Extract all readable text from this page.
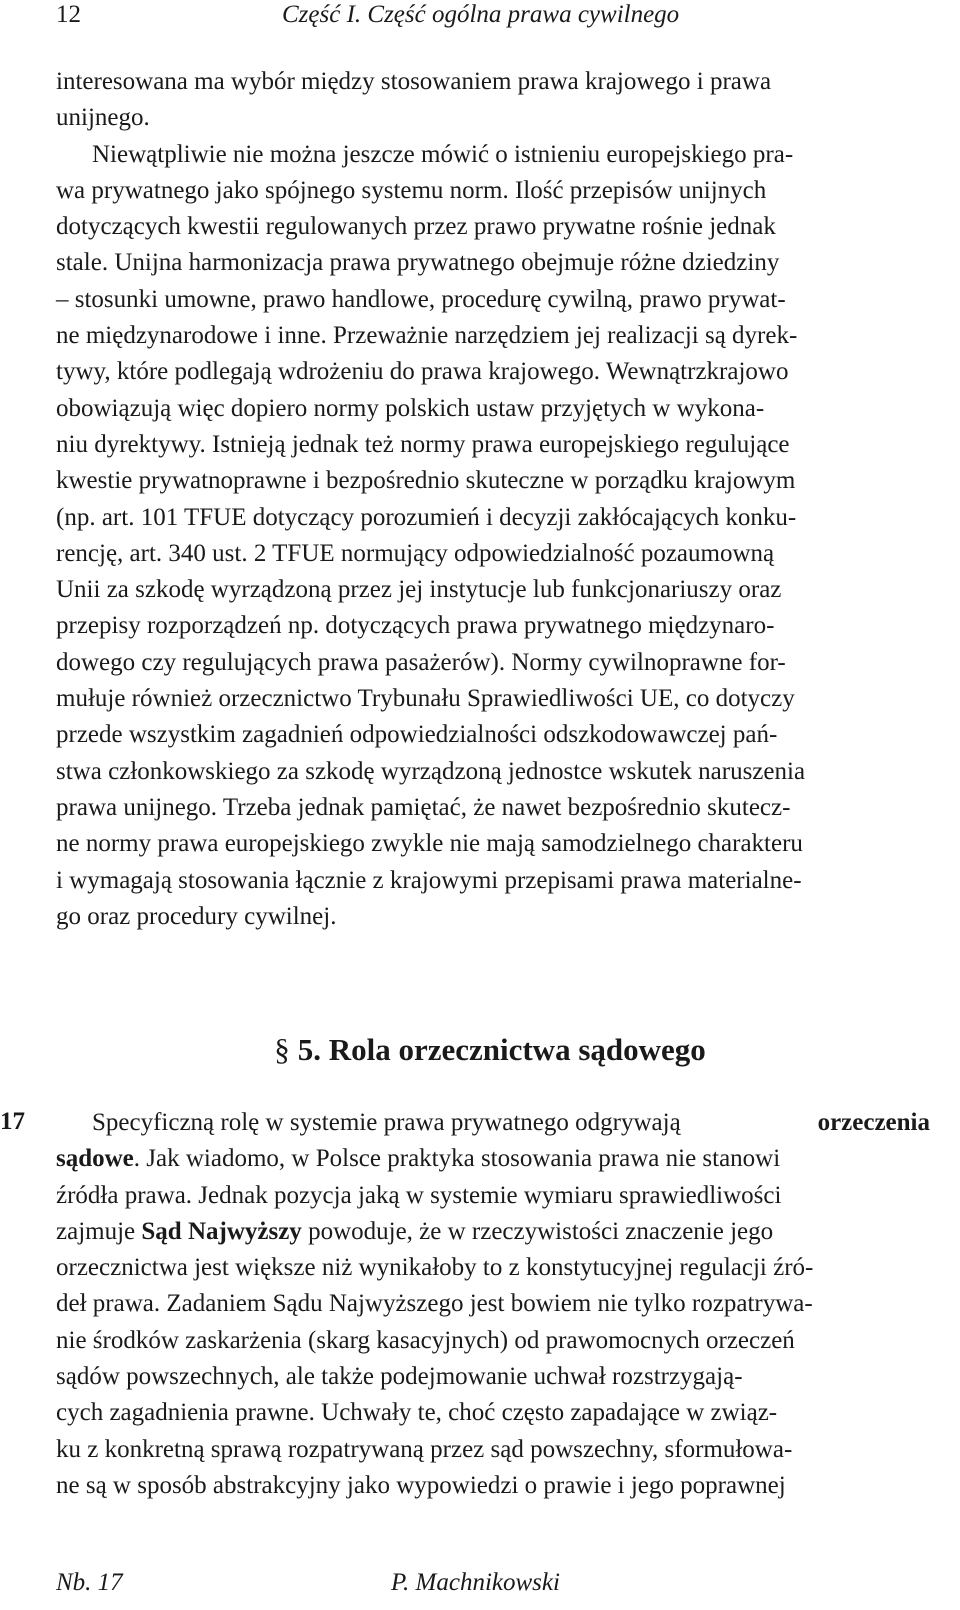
12	Część I. Część ogólna prawa cywilnego
interesowana ma wybór między stosowaniem prawa krajowego i prawa
unijnego.
Niewątpliwie nie można jeszcze mówić o istnieniu europejskiego pra-
wa prywatnego jako spójnego systemu norm. Ilość przepisów unijnych
dotyczących kwestii regulowanych przez prawo prywatne rośnie jednak
stale. Unijna harmonizacja prawa prywatnego obejmuje różne dziedziny
– stosunki umowne, prawo handlowe, procedurę cywilną, prawo prywat-
ne międzynarodowe i inne. Przeważnie narzędziem jej realizacji są dyrek-
tywy, które podlegają wdrożeniu do prawa krajowego. Wewnątrzkrajowo
obowiązują więc dopiero normy polskich ustaw przyjętych w wykona-
niu dyrektywy. Istnieją jednak też normy prawa europejskiego regulujące
kwestie prywatnoprawne i bezpośrednio skuteczne w porządku krajowym
(np. art. 101 TFUE dotyczący porozumień i decyzji zakłócających konku-
rencję, art. 340 ust. 2 TFUE normujący odpowiedzialność pozaumowną
Unii za szkodę wyrządzoną przez jej instytucje lub funkcjonariuszy oraz
przepisy rozporządzeń np. dotyczących prawa prywatnego międzynaro-
dowego czy regulujących prawa pasażerów). Normy cywilnoprawne for-
mułuje również orzecznictwo Trybunału Sprawiedliwości UE, co dotyczy
przede wszystkim zagadnień odpowiedzialności odszkodowawczej pań-
stwa członkowskiego za szkodę wyrządzoną jednostce wskutek naruszenia
prawa unijnego. Trzeba jednak pamiętać, że nawet bezpośrednio skutecz-
ne normy prawa europejskiego zwykle nie mają samodzielnego charakteru
i wymagają stosowania łącznie z krajowymi przepisami prawa materialne-
go oraz procedury cywilnej.
§ 5. Rola orzecznictwa sądowego
17	Specyficzną rolę w systemie prawa prywatnego odgrywają	orzeczenia
sądowe . Jak wiadomo, w Polsce praktyka stosowania prawa nie stanowi
źródła prawa. Jednak pozycja jaką w systemie wymiaru sprawiedliwości
zajmuje Sąd Najwyższy powoduje, że w rzeczywistości znaczenie jego
orzecznictwa jest większe niż wynikałoby to z konstytucyjnej regulacji źró-
deł prawa. Zadaniem Sądu Najwyższego jest bowiem nie tylko rozpatrywa-
nie środków zaskarżenia (skarg kasacyjnych) od prawomocnych orzeczeń
sądów powszechnych, ale także podejmowanie uchwał rozstrzygają-
cych zagadnienia prawne. Uchwały te, choć często zapadające w związ-
ku z konkretną sprawą rozpatrywaną przez sąd powszechny, sformułowa-
ne są w sposób abstrakcyjny jako wypowiedzi o prawie i jego poprawnej
Nb. 17	P. Machnikowski
